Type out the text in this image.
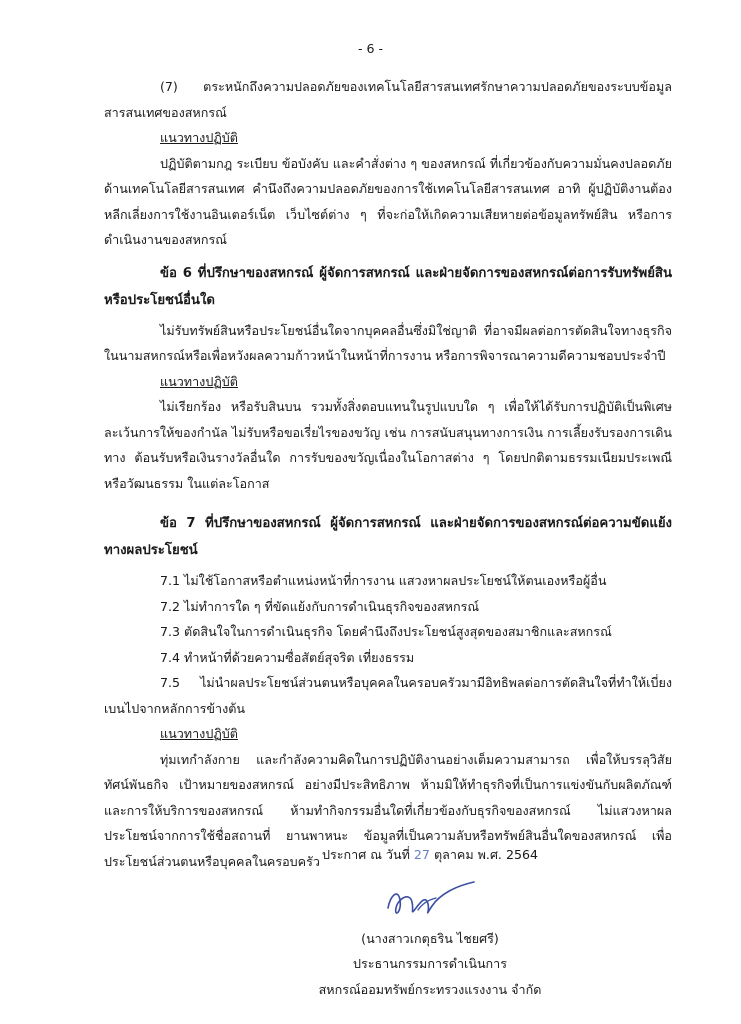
- 6 -

(7) ตระหนักถึงความปลอดภัยของเทคโนโลยีสารสนเทศรักษาความปลอดภัยของระบบข้อมูลสารสนเทศของสหกรณ์

แนวทางปฏิบัติ

ปฏิบัติตามกฎ ระเบียบ ข้อบังคับ และคำสั่งต่าง ๆ ของสหกรณ์ ที่เกี่ยวข้องกับความมั่นคงปลอดภัยด้านเทคโนโลยีสารสนเทศ คำนึงถึงความปลอดภัยของการใช้เทคโนโลยีสารสนเทศ อาทิ ผู้ปฏิบัติงานต้องหลีกเลี่ยงการใช้งานอินเตอร์เน็ต เว็บไซต์ต่าง ๆ ที่จะก่อให้เกิดความเสียหายต่อข้อมูลทรัพย์สิน หรือการดำเนินงานของสหกรณ์

ข้อ 6 ที่ปรึกษาของสหกรณ์ ผู้จัดการสหกรณ์ และฝ่ายจัดการของสหกรณ์ต่อการรับทรัพย์สินหรือประโยชน์อื่นใด

ไม่รับทรัพย์สินหรือประโยชน์อื่นใดจากบุคคลอื่นซึ่งมิใช่ญาติ ที่อาจมีผลต่อการตัดสินใจทางธุรกิจในนามสหกรณ์หรือเพื่อหวังผลความก้าวหน้าในหน้าที่การงาน หรือการพิจารณาความดีความชอบประจำปี

แนวทางปฏิบัติ

ไม่เรียกร้อง หรือรับสินบน รวมทั้งสิ่งตอบแทนในรูปแบบใด ๆ เพื่อให้ได้รับการปฏิบัติเป็นพิเศษ ละเว้นการให้ของกำนัล ไม่รับหรือขอเรี่ยไรของขวัญ เช่น การสนับสนุนทางการเงิน การเลี้ยงรับรองการเดินทาง ต้อนรับหรือเงินรางวัลอื่นใด การรับของขวัญเนื่องในโอกาสต่าง ๆ โดยปกติตามธรรมเนียมประเพณีหรือวัฒนธรรม ในแต่ละโอกาส

ข้อ 7 ที่ปรึกษาของสหกรณ์ ผู้จัดการสหกรณ์ และฝ่ายจัดการของสหกรณ์ต่อความขัดแย้งทางผลประโยชน์

7.1 ไม่ใช้โอกาสหรือตำแหน่งหน้าที่การงาน แสวงหาผลประโยชน์ให้ตนเองหรือผู้อื่น

7.2 ไม่ทำการใด ๆ ที่ขัดแย้งกับการดำเนินธุรกิจของสหกรณ์

7.3 ตัดสินใจในการดำเนินธุรกิจ โดยคำนึงถึงประโยชน์สูงสุดของสมาชิกและสหกรณ์

7.4 ทำหน้าที่ด้วยความซื่อสัตย์สุจริต เที่ยงธรรม

7.5 ไม่นำผลประโยชน์ส่วนตนหรือบุคคลในครอบครัวมามีอิทธิพลต่อการตัดสินใจที่ทำให้เบี่ยงเบนไปจากหลักการข้างต้น

แนวทางปฏิบัติ

ทุ่มเทกำลังกาย และกำลังความคิดในการปฏิบัติงานอย่างเต็มความสามารถ เพื่อให้บรรลุวิสัยทัศน์พันธกิจ เป้าหมายของสหกรณ์ อย่างมีประสิทธิภาพ ห้ามมิให้ทำธุรกิจที่เป็นการแข่งขันกับผลิตภัณฑ์และการให้บริการของสหกรณ์ ห้ามทำกิจกรรมอื่นใดที่เกี่ยวข้องกับธุรกิจของสหกรณ์ ไม่แสวงหาผลประโยชน์จากการใช้ชื่อสถานที่ ยานพาหนะ ข้อมูลที่เป็นความลับหรือทรัพย์สินอื่นใดของสหกรณ์ เพื่อประโยชน์ส่วนตนหรือบุคคลในครอบครัว ประกาศ ณ วันที่ 27 ตุลาคม พ.ศ. 2564
(นางสาวเกตุธริน ไชยศรี)
ประธานกรรมการดำเนินการ
สหกรณ์ออมทรัพย์กระทรวงแรงงาน จำกัด
